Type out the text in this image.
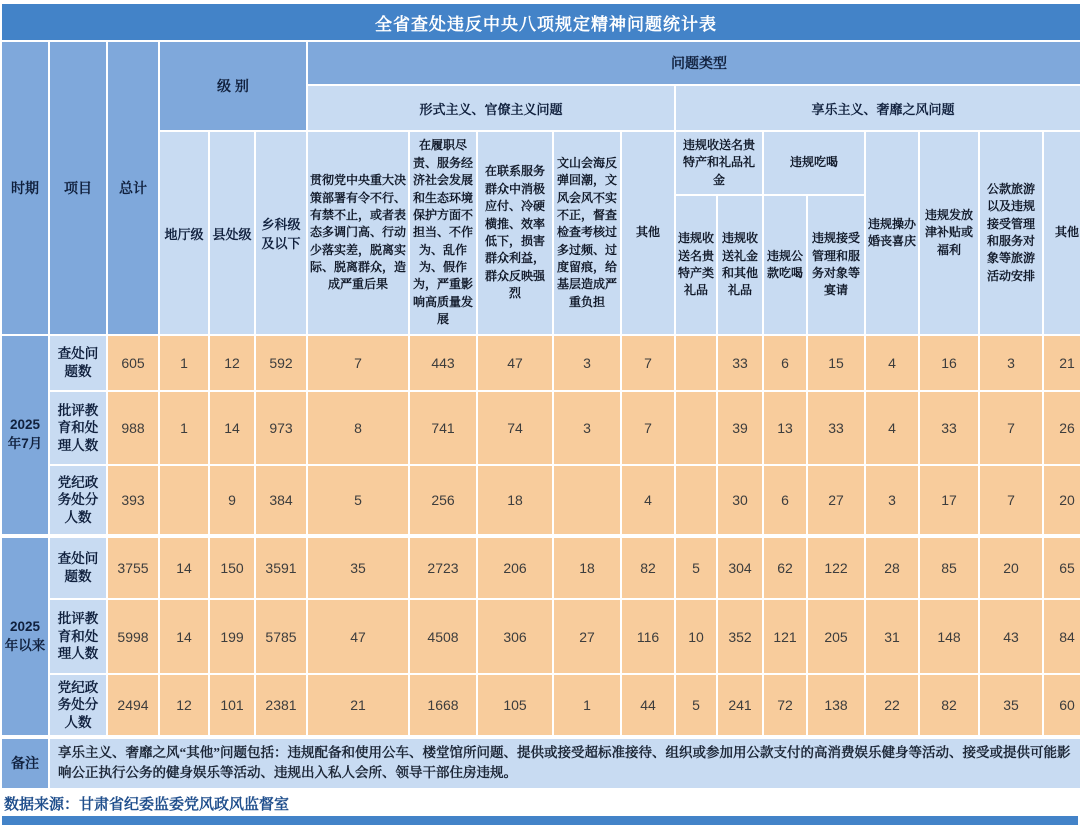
全省查处违反中央八项规定精神问题统计表																		
时期	项目	总计	级 别			问题类型												
						形式主义、官僚主义问题					享乐主义、奢靡之风问题							
			地厅级	县处级	乡科级及以下	贯彻党中央重大决策部署有令不行、有禁不止，或者表态多调门高、行动少落实差，脱离实际、脱离群众，造成严重后果	在履职尽责、服务经济社会发展和生态环境保护方面不担当、不作为、乱作为、假作为，严重影响高质量发展	在联系服务群众中消极应付、冷硬横推、效率低下，损害群众利益，群众反映强烈	文山会海反弹回潮，文风会风不实不正，督查检查考核过多过频、过度留痕，给基层造成严重负担	其他	违规收送名贵特产和礼品礼金		违规吃喝		违规操办婚丧喜庆	违规发放津补贴或福利	公款旅游以及违规接受管理和服务对象等旅游活动安排	其他
											违规收送名贵特产类礼品	违规收送礼金和其他礼品	违规公款吃喝	违规接受管理和服务对象等宴请				
2025年7月	查处问题数	605	1	12	592	7	443	47	3	7		33	6	15	4	16	3	21
	批评教育和处理人数	988	1	14	973	8	741	74	3	7		39	13	33	4	33	7	26
	党纪政务处分人数	393		9	384	5	256	18		4		30	6	27	3	17	7	20
2025年以来	查处问题数	3755	14	150	3591	35	2723	206	18	82	5	304	62	122	28	85	20	65
	批评教育和处理人数	5998	14	199	5785	47	4508	306	27	116	10	352	121	205	31	148	43	84
	党纪政务处分人数	2494	12	101	2381	21	1668	105	1	44	5	241	72	138	22	82	35	60
备注	享乐主义、奢靡之风“其他”问题包括：违规配备和使用公车、楼堂馆所问题、提供或接受超标准接待、组织或参加用公款支付的高消费娱乐健身等活动、接受或提供可能影响公正执行公务的健身娱乐等活动、违规出入私人会所、领导干部住房违规。																	
数据来源：甘肃省纪委监委党风政风监督室
